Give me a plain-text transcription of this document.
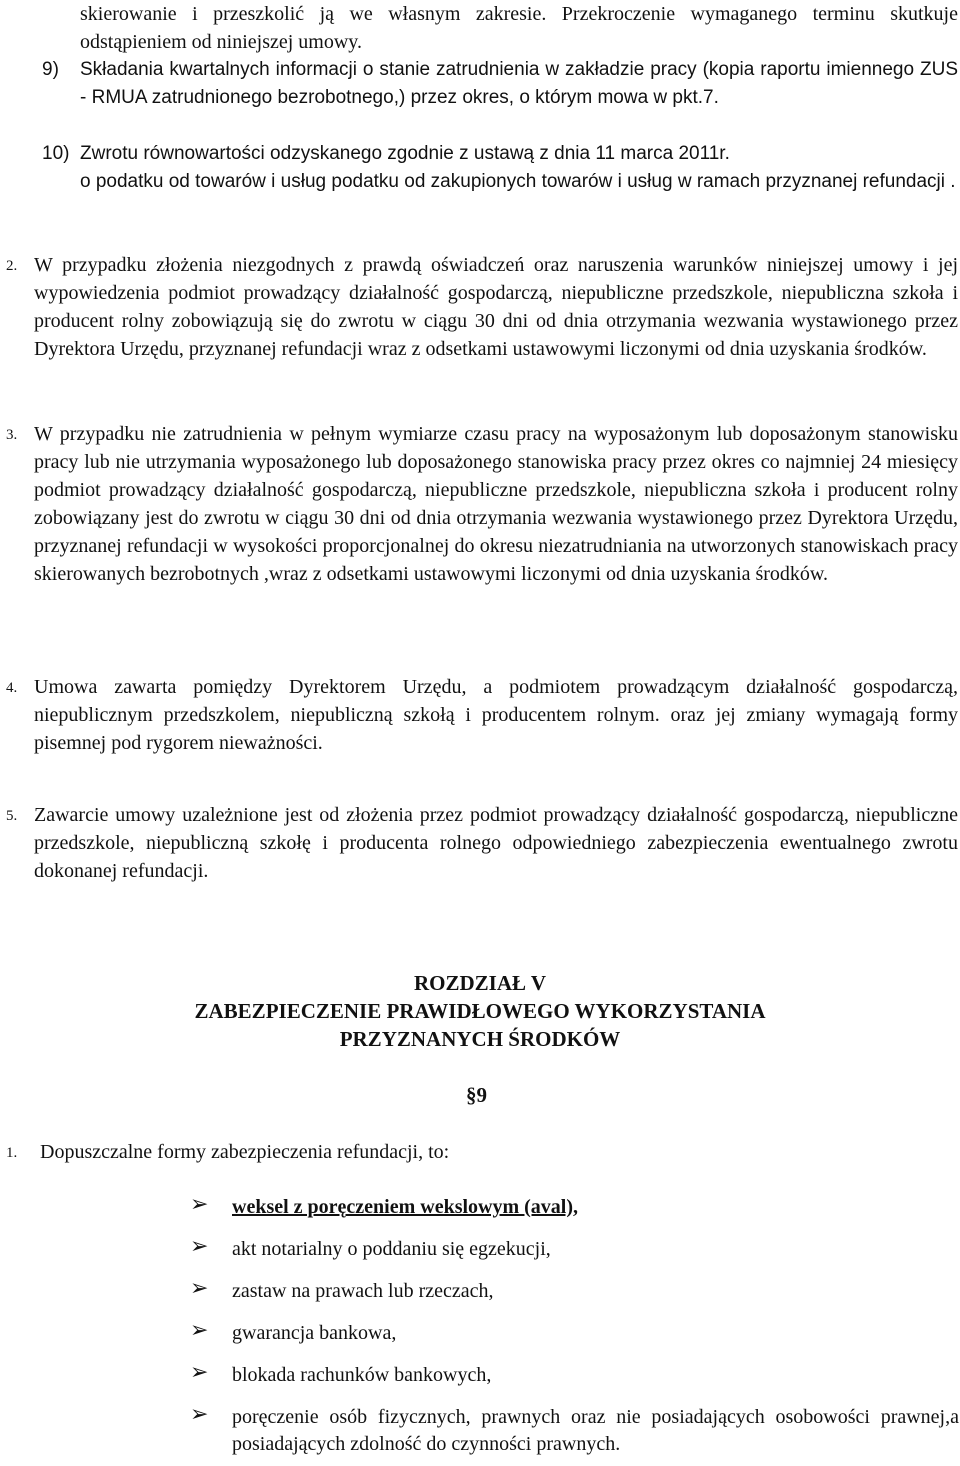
skierowanie i przeszkolić ją we własnym zakresie. Przekroczenie wymaganego terminu skutkuje odstąpieniem od niniejszej umowy.
9) Składania kwartalnych informacji o stanie zatrudnienia w zakładzie pracy (kopia raportu imiennego ZUS - RMUA zatrudnionego bezrobotnego,) przez okres, o którym mowa w pkt.7.
10) Zwrotu równowartości odzyskanego zgodnie z ustawą z dnia 11 marca 2011r.
o podatku od towarów i usług podatku od zakupionych towarów i usług w ramach przyznanej refundacji .
2. W przypadku złożenia niezgodnych z prawdą oświadczeń oraz naruszenia warunków niniejszej umowy i jej wypowiedzenia podmiot prowadzący działalność gospodarczą, niepubliczne przedszkole, niepubliczna szkoła i producent rolny zobowiązują się do zwrotu w ciągu 30 dni od dnia otrzymania wezwania wystawionego przez Dyrektora Urzędu, przyznanej refundacji wraz z odsetkami ustawowymi liczonymi od dnia uzyskania środków.
3. W przypadku nie zatrudnienia w pełnym wymiarze czasu pracy na wyposażonym lub doposażonym stanowisku pracy lub nie utrzymania wyposażonego lub doposażonego stanowiska pracy przez okres co najmniej 24 miesięcy podmiot prowadzący działalność gospodarczą, niepubliczne przedszkole, niepubliczna szkoła i producent rolny zobowiązany jest do zwrotu w ciągu 30 dni od dnia otrzymania wezwania wystawionego przez Dyrektora Urzędu, przyznanej refundacji w wysokości proporcjonalnej do okresu niezatrudniania na utworzonych stanowiskach pracy skierowanych bezrobotnych ,wraz z odsetkami ustawowymi liczonymi od dnia uzyskania środków.
4. Umowa zawarta pomiędzy Dyrektorem Urzędu, a podmiotem prowadzącym działalność gospodarczą, niepublicznym przedszkolem, niepubliczną szkołą i producentem rolnym. oraz jej zmiany wymagają formy pisemnej pod rygorem nieważności.
5. Zawarcie umowy uzależnione jest od złożenia przez podmiot prowadzący działalność gospodarczą, niepubliczne przedszkole, niepubliczną szkołę i producenta rolnego odpowiedniego zabezpieczenia ewentualnego zwrotu dokonanej refundacji.
ROZDZIAŁ V
ZABEZPIECZENIE PRAWIDŁOWEGO WYKORZYSTANIA
PRZYZNANYCH ŚRODKÓW
§9
1. Dopuszczalne formy zabezpieczenia refundacji, to:
➢ weksel z poręczeniem wekslowym (aval),
➢ akt notarialny o poddaniu się egzekucji,
➢ zastaw na prawach lub rzeczach,
➢ gwarancja bankowa,
➢ blokada rachunków bankowych,
➢ poręczenie osób fizycznych, prawnych oraz nie posiadających osobowości prawnej,a posiadających zdolność do czynności prawnych.
